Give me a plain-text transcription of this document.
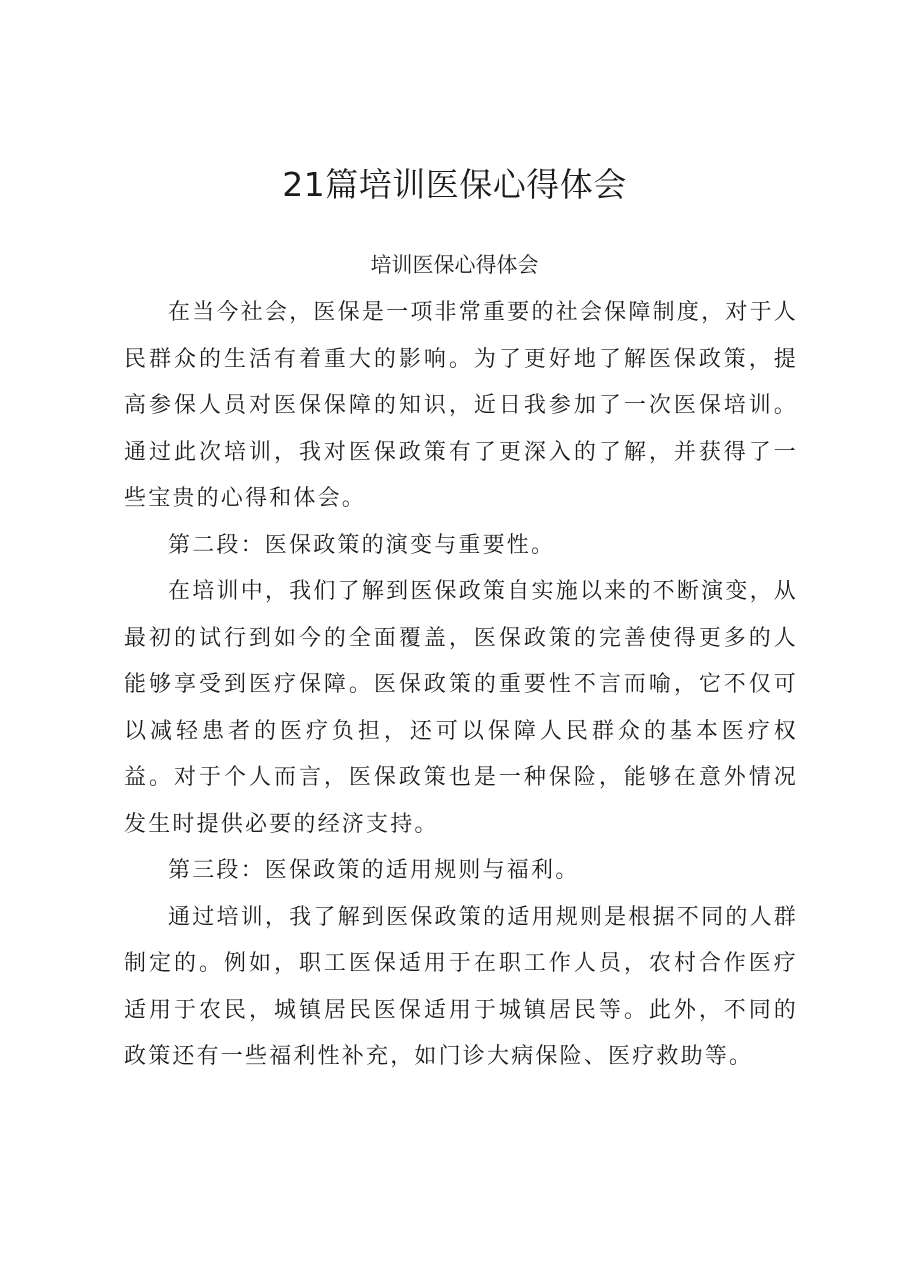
21篇培训医保心得体会
培训医保心得体会

在当今社会，医保是一项非常重要的社会保障制度，对于人民群众的生活有着重大的影响。为了更好地了解医保政策，提高参保人员对医保保障的知识，近日我参加了一次医保培训。通过此次培训，我对医保政策有了更深入的了解，并获得了一些宝贵的心得和体会。

第二段：医保政策的演变与重要性。

在培训中，我们了解到医保政策自实施以来的不断演变，从最初的试行到如今的全面覆盖，医保政策的完善使得更多的人能够享受到医疗保障。医保政策的重要性不言而喻，它不仅可以减轻患者的医疗负担，还可以保障人民群众的基本医疗权益。对于个人而言，医保政策也是一种保险，能够在意外情况发生时提供必要的经济支持。

第三段：医保政策的适用规则与福利。

通过培训，我了解到医保政策的适用规则是根据不同的人群制定的。例如，职工医保适用于在职工作人员，农村合作医疗适用于农民，城镇居民医保适用于城镇居民等。此外，不同的政策还有一些福利性补充，如门诊大病保险、医疗救助等。
